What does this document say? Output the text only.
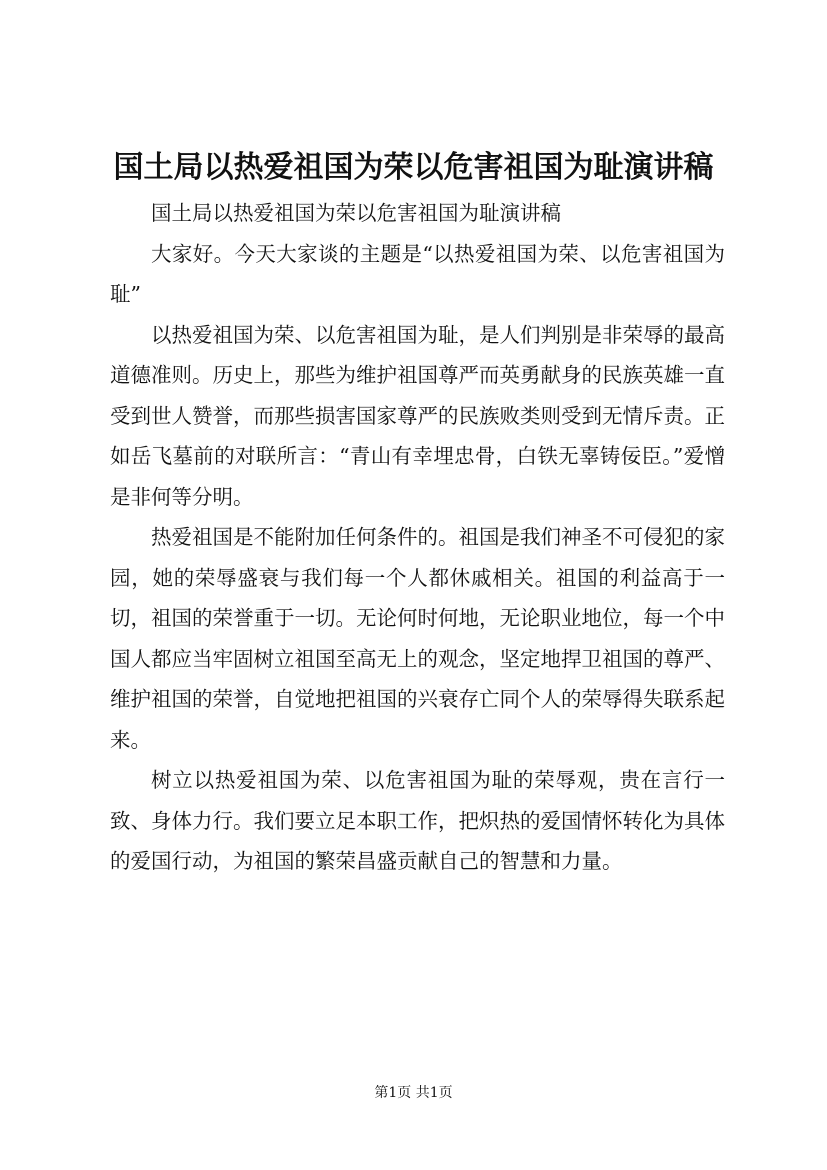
国土局以热爱祖国为荣以危害祖国为耻演讲稿

国土局以热爱祖国为荣以危害祖国为耻演讲稿

大家好。今天大家谈的主题是“以热爱祖国为荣、以危害祖国为耻”

以热爱祖国为荣、以危害祖国为耻，是人们判别是非荣辱的最高道德准则。历史上，那些为维护祖国尊严而英勇献身的民族英雄一直受到世人赞誉，而那些损害国家尊严的民族败类则受到无情斥责。正如岳飞墓前的对联所言：“青山有幸埋忠骨，白铁无辜铸佞臣。”爱憎是非何等分明。

热爱祖国是不能附加任何条件的。祖国是我们神圣不可侵犯的家园，她的荣辱盛衰与我们每一个人都休戚相关。祖国的利益高于一切，祖国的荣誉重于一切。无论何时何地，无论职业地位，每一个中国人都应当牢固树立祖国至高无上的观念，坚定地捍卫祖国的尊严、维护祖国的荣誉，自觉地把祖国的兴衰存亡同个人的荣辱得失联系起来。

树立以热爱祖国为荣、以危害祖国为耻的荣辱观，贵在言行一致、身体力行。我们要立足本职工作，把炽热的爱国情怀转化为具体的爱国行动，为祖国的繁荣昌盛贡献自己的智慧和力量。

第1页 共1页
